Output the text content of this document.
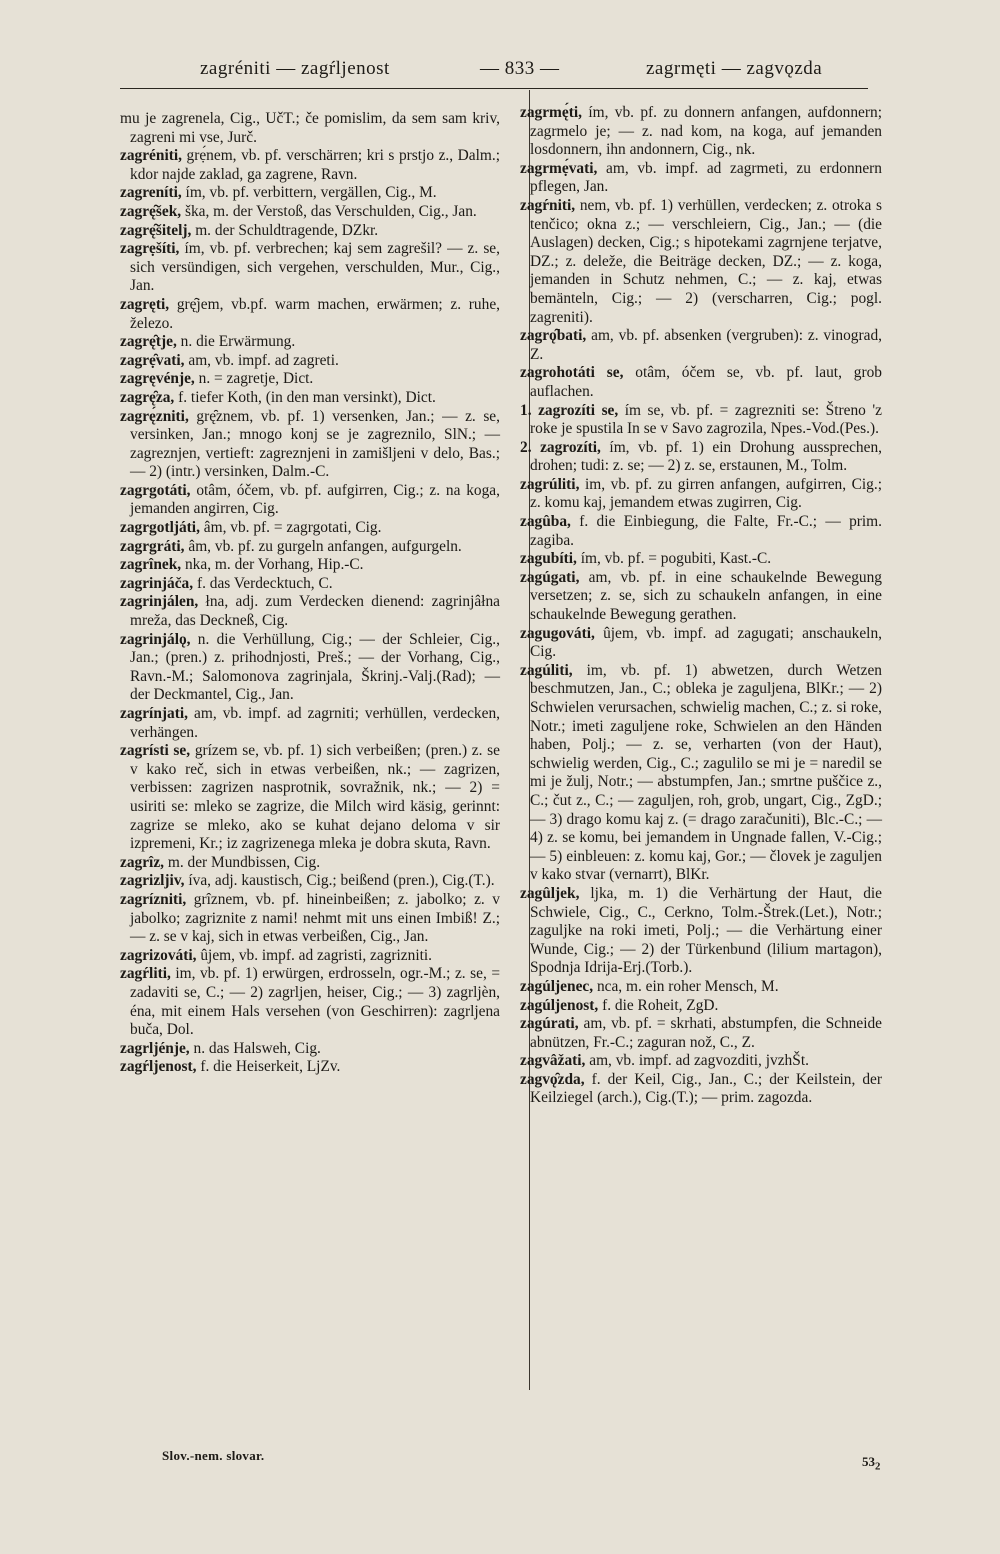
zagréniti — zagŕljenost	— 833 —	zagrmęti — zagvǫzda
mu je zagrenela, Cig., UčT.; če pomislim, da sem sam kriv, zagreni mi vse, Jurč.
zagréniti, grẹ́nem, vb. pf. verschärren; kri s prstjo z., Dalm.; kdor najde zaklad, ga zagrene, Ravn.
zagreníti, ím, vb. pf. verbittern, vergällen, Cig., M.
zagrę̑šek, ška, m. der Verstoß, das Verschulden, Cig., Jan.
zagrę̑šitelj, m. der Schuldtragende, DZkr.
zagrẹšíti, ím, vb. pf. verbrechen; kaj sem zagrešil? — z. se, sich versündigen, sich vergehen, verschulden, Mur., Cig., Jan.
zagręti, grę̑jem, vb.pf. warm machen, erwärmen; z. ruhe, železo.
zagrę̑tje, n. die Erwärmung.
zagrẹ̑vati, am, vb. impf. ad zagreti.
zagręvénje, n. = zagretje, Dict.
zagrę̑za, f. tiefer Koth, (in den man versinkt), Dict.
zagrę́zniti, grę̑znem, vb. pf. 1) versenken, Jan.; — z. se, versinken, Jan.; mnogo konj se je zagreznilo, SlN.; — zagreznjen, vertieft: zagreznjeni in zamišljeni v delo, Bas.; — 2) (intr.) versinken, Dalm.-C.
zagrgotáti, otâm, óčem, vb. pf. aufgirren, Cig.; z. na koga, jemanden angirren, Cig.
zagrgotljáti, âm, vb. pf. = zagrgotati, Cig.
zagrgráti, âm, vb. pf. zu gurgeln anfangen, aufgurgeln.
zagrînek, nka, m. der Vorhang, Hip.-C.
zagrinjáča, f. das Verdecktuch, C.
zagrinjálen, łna, adj. zum Verdecken dienend: zagrinjâłna mreža, das Deckneß, Cig.
zagrinjálǫ, n. die Verhüllung, Cig.; — der Schleier, Cig., Jan.; (pren.) z. prihodnjosti, Preš.; — der Vorhang, Cig., Ravn.-M.; Salomonova zagrinjala, Škrinj.-Valj.(Rad); — der Deckmantel, Cig., Jan.
zagrínjati, am, vb. impf. ad zagrniti; verhüllen, verdecken, verhängen.
zagrísti se, grízem se, vb. pf. 1) sich verbeißen; (pren.) z. se v kako reč, sich in etwas verbeißen, nk.; — zagrizen, verbissen: zagrizen nasprotnik, sovražnik, nk.; — 2) = usiriti se: mleko se zagrize, die Milch wird käsig, gerinnt: zagrize se mleko, ako se kuhat dejano deloma v sir izpremeni, Kr.; iz zagrizenega mleka je dobra skuta, Ravn.
zagrîz, m. der Mundbissen, Cig.
zagrizljiv, íva, adj. kaustisch, Cig.; beißend (pren.), Cig.(T.).
zagrízniti, grîznem, vb. pf. hineinbeißen; z. jabolko; z. v jabolko; zagriznite z nami! nehmt mit uns einen Imbiß! Z.; — z. se v kaj, sich in etwas verbeißen, Cig., Jan.
zagrizováti, ûjem, vb. impf. ad zagristi, zagrizniti.
zagŕliti, im, vb. pf. 1) erwürgen, erdrosseln, ogr.-M.; z. se, = zadaviti se, C.; — 2) zagrljen, heiser, Cig.; — 3) zagrljèn, éna, mit einem Hals versehen (von Geschirren): zagrljena buča, Dol.
zagrljénje, n. das Halsweh, Cig.
zagŕljenost, f. die Heiserkeit, LjZv.
zagrmę́ti, ím, vb. pf. zu donnern anfangen, aufdonnern; zagrmelo je; — z. nad kom, na koga, auf jemanden losdonnern, ihn andonnern, Cig., nk.
zagrmẹ́vati, am, vb. impf. ad zagrmeti, zu erdonnern pflegen, Jan.
zagŕniti, nem, vb. pf. 1) verhüllen, verdecken; z. otroka s tenčico; okna z.; — verschleiern, Cig., Jan.; — (die Auslagen) decken, Cig.; s hipotekami zagrnjene terjatve, DZ.; z. deleže, die Beiträge decken, DZ.; — z. koga, jemanden in Schutz nehmen, C.; — z. kaj, etwas bemänteln, Cig.; — 2) (verscharren, Cig.; pogl. zagreniti).
zagrǫ̑bati, am, vb. pf. absenken (vergruben): z. vinograd, Z.
zagrohotáti se, otâm, óčem se, vb. pf. laut, grob auflachen.
1. zagrozíti se, ím se, vb. pf. = zagrezniti se: Štreno 'z roke je spustila In se v Savo zagrozila, Npes.-Vod.(Pes.).
2. zagrozíti, ím, vb. pf. 1) ein Drohung aussprechen, drohen; tudi: z. se; — 2) z. se, erstaunen, M., Tolm.
zagrúliti, im, vb. pf. zu girren anfangen, aufgirren, Cig.; z. komu kaj, jemandem etwas zugirren, Cig.
zagûba, f. die Einbiegung, die Falte, Fr.-C.; — prim. zagiba.
zagubíti, ím, vb. pf. = pogubiti, Kast.-C.
zagúgati, am, vb. pf. in eine schaukelnde Bewegung versetzen; z. se, sich zu schaukeln anfangen, in eine schaukelnde Bewegung gerathen.
zagugováti, ûjem, vb. impf. ad zagugati; anschaukeln, Cig.
zagúliti, im, vb. pf. 1) abwetzen, durch Wetzen beschmutzen, Jan., C.; obleka je zaguljena, BlKr.; — 2) Schwielen verursachen, schwielig machen, C.; z. si roke, Notr.; imeti zaguljene roke, Schwielen an den Händen haben, Polj.; — z. se, verharten (von der Haut), schwielig werden, Cig., C.; zagulilo se mi je = naredil se mi je žulj, Notr.; — abstumpfen, Jan.; smrtne puščice z., C.; čut z., C.; — zaguljen, roh, grob, ungart, Cig., ZgD.; — 3) drago komu kaj z. (= drago zaračuniti), Blc.-C.; — 4) z. se komu, bei jemandem in Ungnade fallen, V.-Cig.; — 5) einbleuen: z. komu kaj, Gor.; — človek je zaguljen v kako stvar (vernarrt), BlKr.
zagûljek, ljka, m. 1) die Verhärtung der Haut, die Schwiele, Cig., C., Cerkno, Tolm.-Štrek.(Let.), Notr.; zaguljke na roki imeti, Polj.; — die Verhärtung einer Wunde, Cig.; — 2) der Türkenbund (lilium martagon), Spodnja Idrija-Erj.(Torb.).
zagúljenec, nca, m. ein roher Mensch, M.
zagúljenost, f. die Roheit, ZgD.
zagúrati, am, vb. pf. = skrhati, abstumpfen, die Schneide abnützen, Fr.-C.; zaguran nož, C., Z.
zagvâžati, am, vb. impf. ad zagvozditi, jvzhŠt.
zagvǫ̑zda, f. der Keil, Cig., Jan., C.; der Keilstein, der Keilziegel (arch.), Cig.(T.); — prim. zagozda.
Slov.-nem. slovar.	$53_2$
